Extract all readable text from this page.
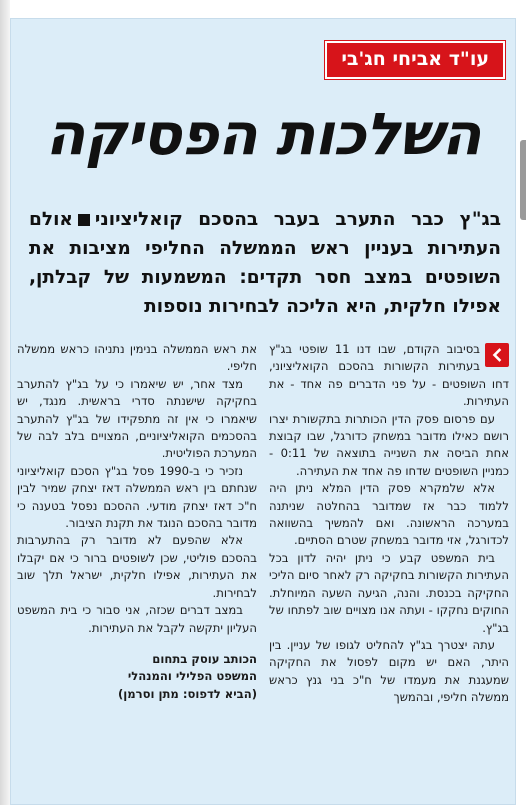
עו"ד אביחי חג'בי
השלכות הפסיקה
בג"ץ כבר התערב בעבר בהסכם קואליציוניאולם העתירות בעניין ראש הממשלה החליפי מציבות את השופטים במצב חסר תקדים: המשמעות של קבלתן, אפילו חלקית, היא הליכה לבחירות נוספות

בסיבוב הקודם, שבו דנו 11 שופטי בג"ץ בעתירות הקשורות בהסכם הקואליציוני, דחו השופטים - על פני הדברים פה אחד - את העתירות.

עם פרסום פסק הדין הכותרות בתקשורת יצרו רושם כאילו מדובר במשחק כדורגל, שבו קבוצת אחת הביסה את השנייה בתוצאה של 0:11 - כמניין השופטים שדחו פה אחד את העתירה.

אלא שלמקרא פסק הדין המלא ניתן היה ללמוד כבר אז שמדובר בהחלטה שניתנה במערכה הראשונה. ואם להמשיך בהשוואה לכדורגל, אזי מדובר במשחק שטרם הסתיים.

בית המשפט קבע כי ניתן יהיה לדון בכל העתירות הקשורות בחקיקה רק לאחר סיום הליכי החקיקה בכנסת. והנה, הגיעה השעה המיוחלת. החוקים נחקקו - ועתה אנו מצויים שוב לפתחו של בג"ץ.

עתה יצטרך בג"ץ להחליט לגופו של עניין. בין היתר, האם יש מקום לפסול את החקיקה שמעגנת את מעמדו של ח"כ בני גנץ כראש ממשלה חליפי, ובהמשך

את ראש הממשלה בנימין נתניהו כראש ממשלה חליפי.

מצד אחר, יש שיאמרו כי על בג"ץ להתערב בחקיקה שישנתה סדרי בראשית. מנגד, יש שיאמרו כי אין זה מתפקידו של בג"ץ להתערב בהסכמים הקואליציוניים, המצויים בלב לבה של המערכת הפוליטית.

נזכיר כי ב-1990 פסל בג"ץ הסכם קואליציוני שנחתם בין ראש הממשלה דאז יצחק שמיר לבין ח"כ דאז יצחק מודעי. ההסכם נפסל בטענה כי מדובר בהסכם הנוגד את תקנת הציבור.

אלא שהפעם לא מדובר רק בהתערבות בהסכם פוליטי, שכן לשופטים ברור כי אם יקבלו את העתירות, אפילו חלקית, ישראל תלך שוב לבחירות.

במצב דברים שכזה, אני סבור כי בית המשפט העליון יתקשה לקבל את העתירות.

הכותב עוסק בתחום

המשפט הפלילי והמנהלי

(הביא לדפוס: מתן וסרמן)
